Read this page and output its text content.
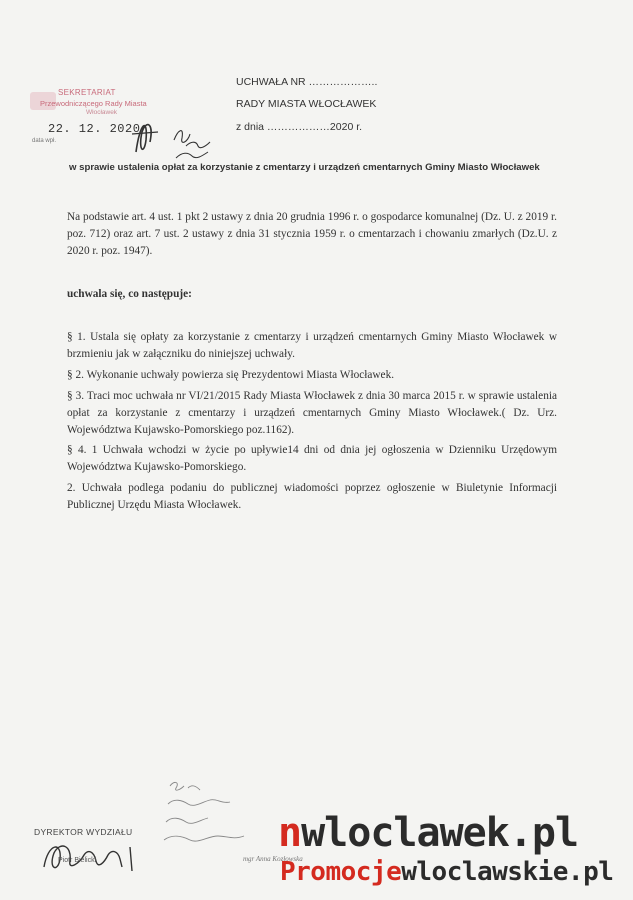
SEKRETARIAT
Przewodniczącego Rady Miasta
Włocławek
22. 12. 2020
data wpł.
UCHWAŁA NR ………………..
RADY MIASTA WŁOCŁAWEK
z dnia ………………2020 r.
w sprawie ustalenia opłat za korzystanie z cmentarzy i urządzeń cmentarnych Gminy Miasto Włocławek
Na podstawie art. 4 ust. 1 pkt 2 ustawy z dnia 20 grudnia 1996 r. o gospodarce komunalnej (Dz. U. z 2019 r. poz. 712) oraz art. 7 ust. 2 ustawy z dnia 31 stycznia 1959 r. o cmentarzach i chowaniu zmarłych (Dz.U. z 2020 r. poz. 1947).
uchwala się, co następuje:
§ 1. Ustala się opłaty za korzystanie z cmentarzy i urządzeń cmentarnych Gminy Miasto Włocławek w brzmieniu jak w załączniku do niniejszej uchwały.
§ 2. Wykonanie uchwały powierza się Prezydentowi Miasta Włocławek.
§ 3. Traci moc uchwała nr VI/21/2015 Rady Miasta Włocławek z dnia 30 marca 2015 r. w sprawie ustalenia opłat za korzystanie z cmentarzy i urządzeń cmentarnych Gminy Miasto Włocławek.( Dz. Urz. Województwa Kujawsko-Pomorskiego poz.1162).
§ 4. 1 Uchwała wchodzi w życie po upływie14 dni od dnia jej ogłoszenia w Dzienniku Urzędowym Województwa Kujawsko-Pomorskiego.
2. Uchwała podlega podaniu do publicznej wiadomości poprzez ogłoszenie w Biuletynie Informacji Publicznej Urzędu Miasta Włocławek.
mgr Anna Kozłowska
DYREKTOR WYDZIAŁU
Piotr Bielicki
nwloclawek.pl
Promocjewloclawskie.pl
